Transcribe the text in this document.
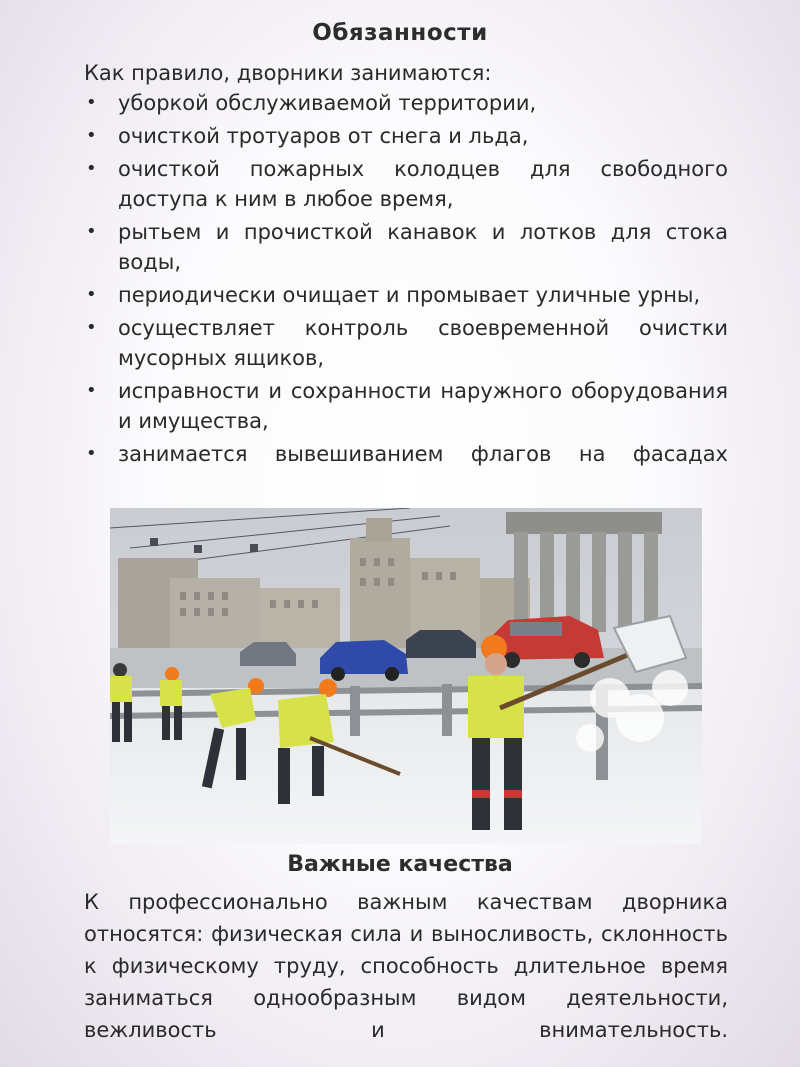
Обязанности
Как правило, дворники занимаются:
• уборкой обслуживаемой территории,
• очисткой тротуаров от снега и льда,
• очисткой пожарных колодцев для свободного доступа к ним в любое время,
• рытьем и прочисткой канавок и лотков для стока воды,
• периодически очищает и промывает уличные урны,
• осуществляет контроль своевременной очистки мусорных ящиков,
• исправности и сохранности наружного оборудования и имущества,
• занимается вывешиванием флагов на фасадах
Важные качества
К профессионально важным качествам дворника относятся: физическая сила и выносливость, склонность к физическому труду, способность длительное время заниматься однообразным видом деятельности, вежливость и внимательность.
